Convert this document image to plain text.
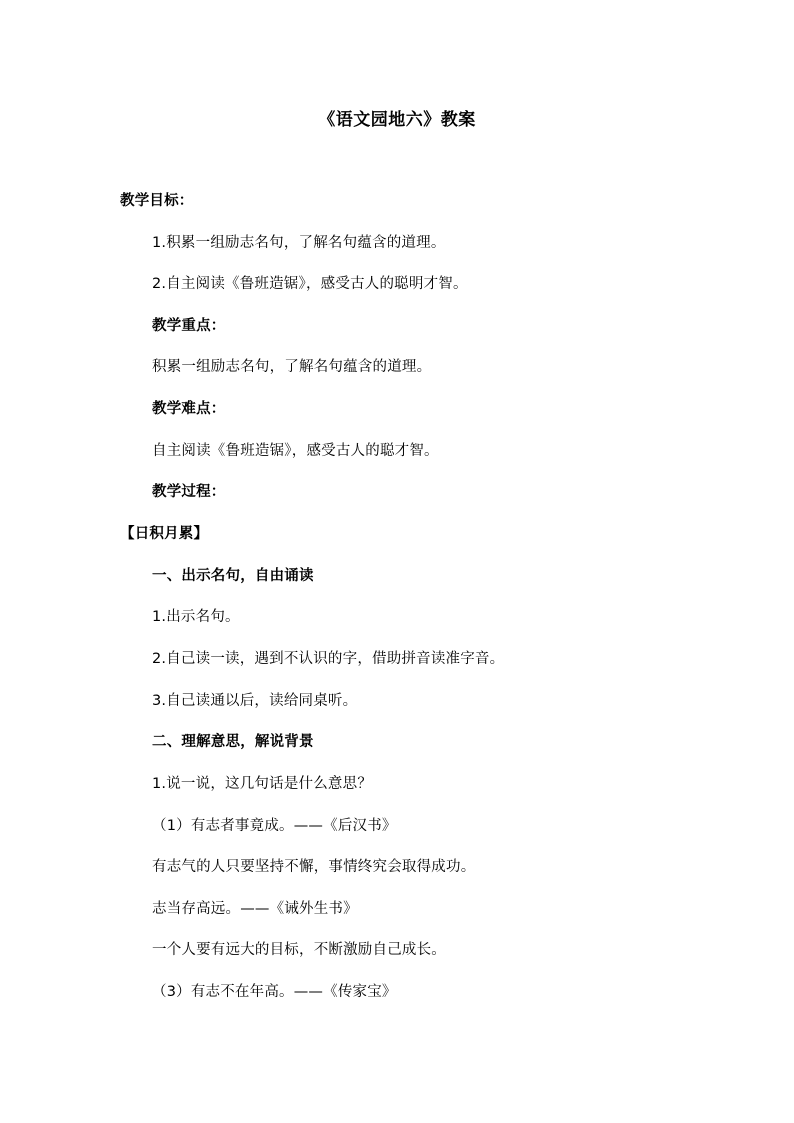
《语文园地六》教案
教学目标：
1.积累一组励志名句，了解名句蕴含的道理。
2.自主阅读《鲁班造锯》，感受古人的聪明才智。
教学重点：
积累一组励志名句，了解名句蕴含的道理。
教学难点：
自主阅读《鲁班造锯》，感受古人的聪才智。
教学过程：
【日积月累】
一、出示名句，自由诵读
1.出示名句。
2.自己读一读，遇到不认识的字，借助拼音读准字音。
3.自己读通以后，读给同桌听。
二、理解意思，解说背景
1.说一说，这几句话是什么意思？
（1）有志者事竟成。——《后汉书》
有志气的人只要坚持不懈，事情终究会取得成功。
志当存高远。——《诫外生书》
一个人要有远大的目标，不断激励自己成长。
（3）有志不在年高。——《传家宝》
